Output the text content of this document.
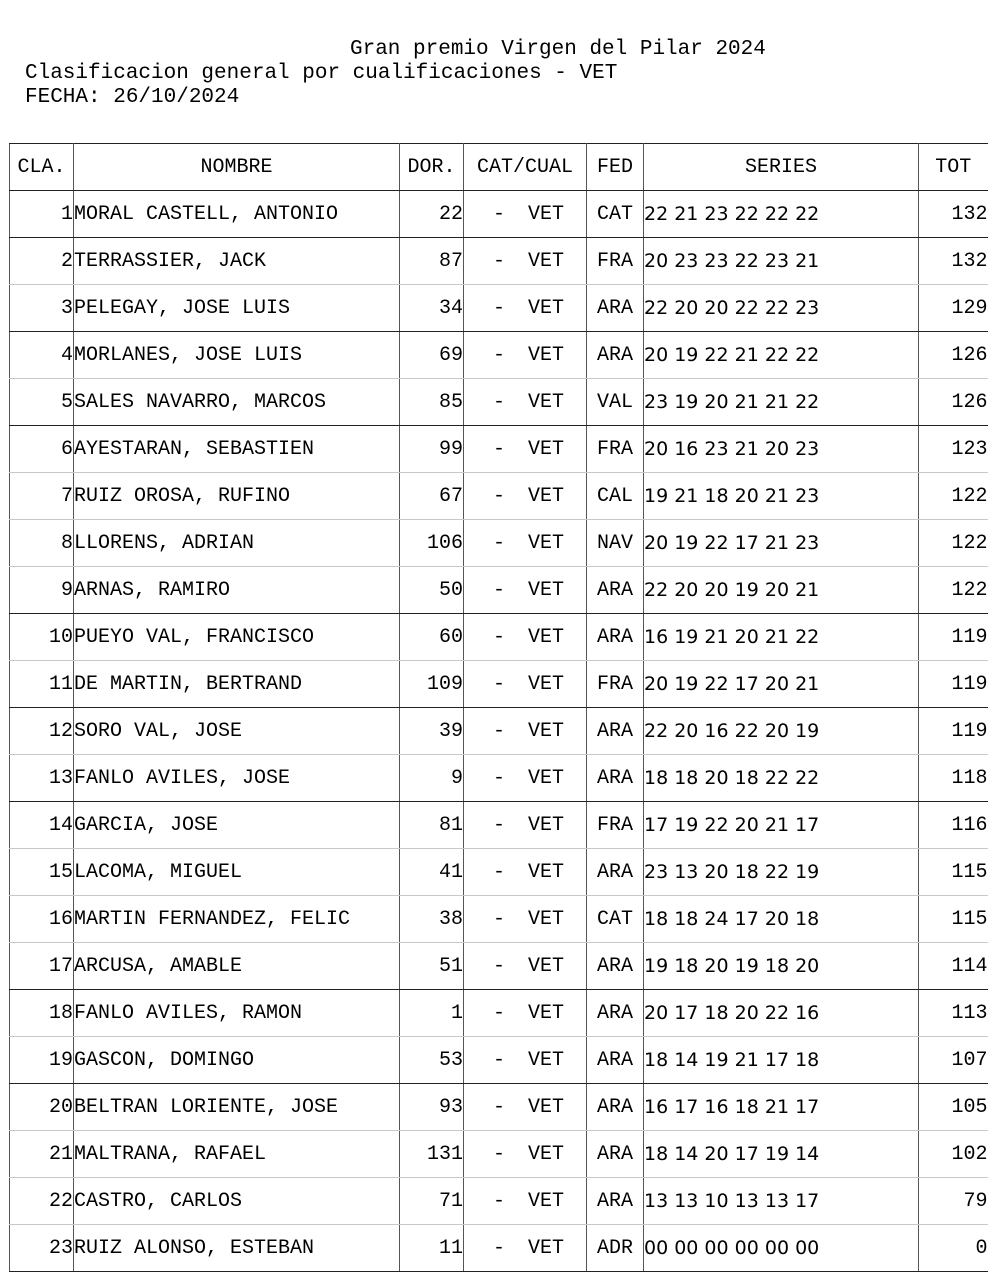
Gran premio Virgen del Pilar 2024
Clasificacion general por cualificaciones - VET
FECHA: 26/10/2024
CLA.	NOMBRE	DOR.	CAT/CUAL	FED	SERIES	TOT
1	MORAL CASTELL, ANTONIO	22	- VET	CAT	22 21 23 22 22 22	132
2	TERRASSIER, JACK	87	- VET	FRA	20 23 23 22 23 21	132
3	PELEGAY, JOSE LUIS	34	- VET	ARA	22 20 20 22 22 23	129
4	MORLANES, JOSE LUIS	69	- VET	ARA	20 19 22 21 22 22	126
5	SALES NAVARRO, MARCOS	85	- VET	VAL	23 19 20 21 21 22	126
6	AYESTARAN, SEBASTIEN	99	- VET	FRA	20 16 23 21 20 23	123
7	RUIZ OROSA, RUFINO	67	- VET	CAL	19 21 18 20 21 23	122
8	LLORENS, ADRIAN	106	- VET	NAV	20 19 22 17 21 23	122
9	ARNAS, RAMIRO	50	- VET	ARA	22 20 20 19 20 21	122
10	PUEYO VAL, FRANCISCO	60	- VET	ARA	16 19 21 20 21 22	119
11	DE MARTIN, BERTRAND	109	- VET	FRA	20 19 22 17 20 21	119
12	SORO VAL, JOSE	39	- VET	ARA	22 20 16 22 20 19	119
13	FANLO AVILES, JOSE	9	- VET	ARA	18 18 20 18 22 22	118
14	GARCIA, JOSE	81	- VET	FRA	17 19 22 20 21 17	116
15	LACOMA, MIGUEL	41	- VET	ARA	23 13 20 18 22 19	115
16	MARTIN FERNANDEZ, FELIC	38	- VET	CAT	18 18 24 17 20 18	115
17	ARCUSA, AMABLE	51	- VET	ARA	19 18 20 19 18 20	114
18	FANLO AVILES, RAMON	1	- VET	ARA	20 17 18 20 22 16	113
19	GASCON, DOMINGO	53	- VET	ARA	18 14 19 21 17 18	107
20	BELTRAN LORIENTE, JOSE	93	- VET	ARA	16 17 16 18 21 17	105
21	MALTRANA, RAFAEL	131	- VET	ARA	18 14 20 17 19 14	102
22	CASTRO, CARLOS	71	- VET	ARA	13 13 10 13 13 17	79
23	RUIZ ALONSO, ESTEBAN	11	- VET	ADR	00 00 00 00 00 00	0
